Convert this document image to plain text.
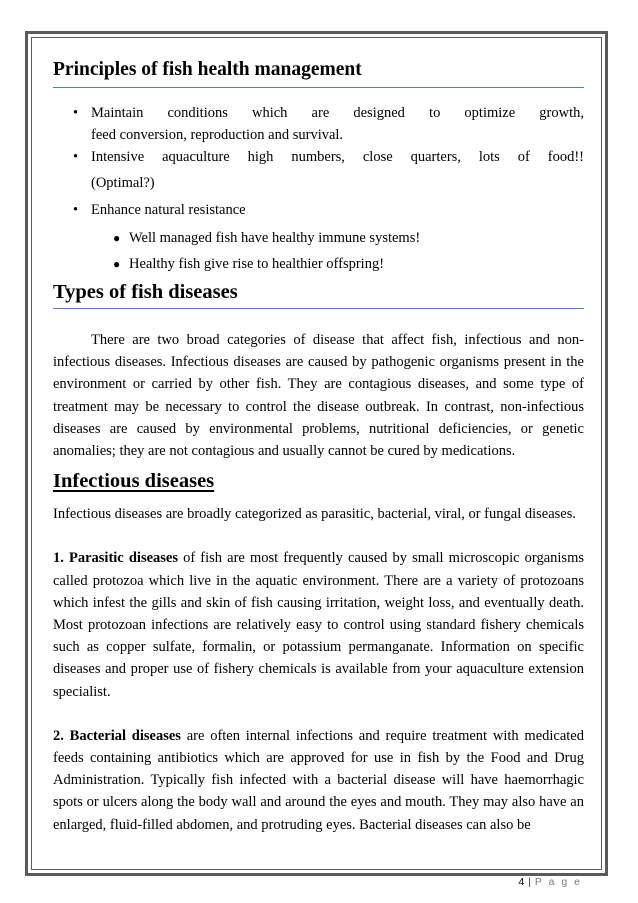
Principles of fish health management
• Maintain conditions which are designed to optimize growth,
feed conversion, reproduction and survival.
• Intensive aquaculture high numbers, close quarters, lots of food!!
(Optimal?)
• Enhance natural resistance
● Well managed fish have healthy immune systems!
● Healthy fish give rise to healthier offspring!
Types of fish diseases

There are two broad categories of disease that affect fish, infectious and non-infectious diseases. Infectious diseases are caused by pathogenic organisms present in the environment or carried by other fish. They are contagious diseases, and some type of treatment may be necessary to control the disease outbreak. In contrast, non-infectious diseases are caused by environmental problems, nutritional deficiencies, or genetic anomalies; they are not contagious and usually cannot be cured by medications.

Infectious diseases

Infectious diseases are broadly categorized as parasitic, bacterial, viral, or fungal diseases.

1. Parasitic diseases of fish are most frequently caused by small microscopic organisms called protozoa which live in the aquatic environment. There are a variety of protozoans which infest the gills and skin of fish causing irritation, weight loss, and eventually death. Most protozoan infections are relatively easy to control using standard fishery chemicals such as copper sulfate, formalin, or potassium permanganate. Information on specific diseases and proper use of fishery chemicals is available from your aquaculture extension specialist.

2. Bacterial diseases are often internal infections and require treatment with medicated feeds containing antibiotics which are approved for use in fish by the Food and Drug Administration. Typically fish infected with a bacterial disease will have haemorrhagic spots or ulcers along the body wall and around the eyes and mouth. They may also have an enlarged, fluid-filled abdomen, and protruding eyes. Bacterial diseases can also be

4 | P a g e
